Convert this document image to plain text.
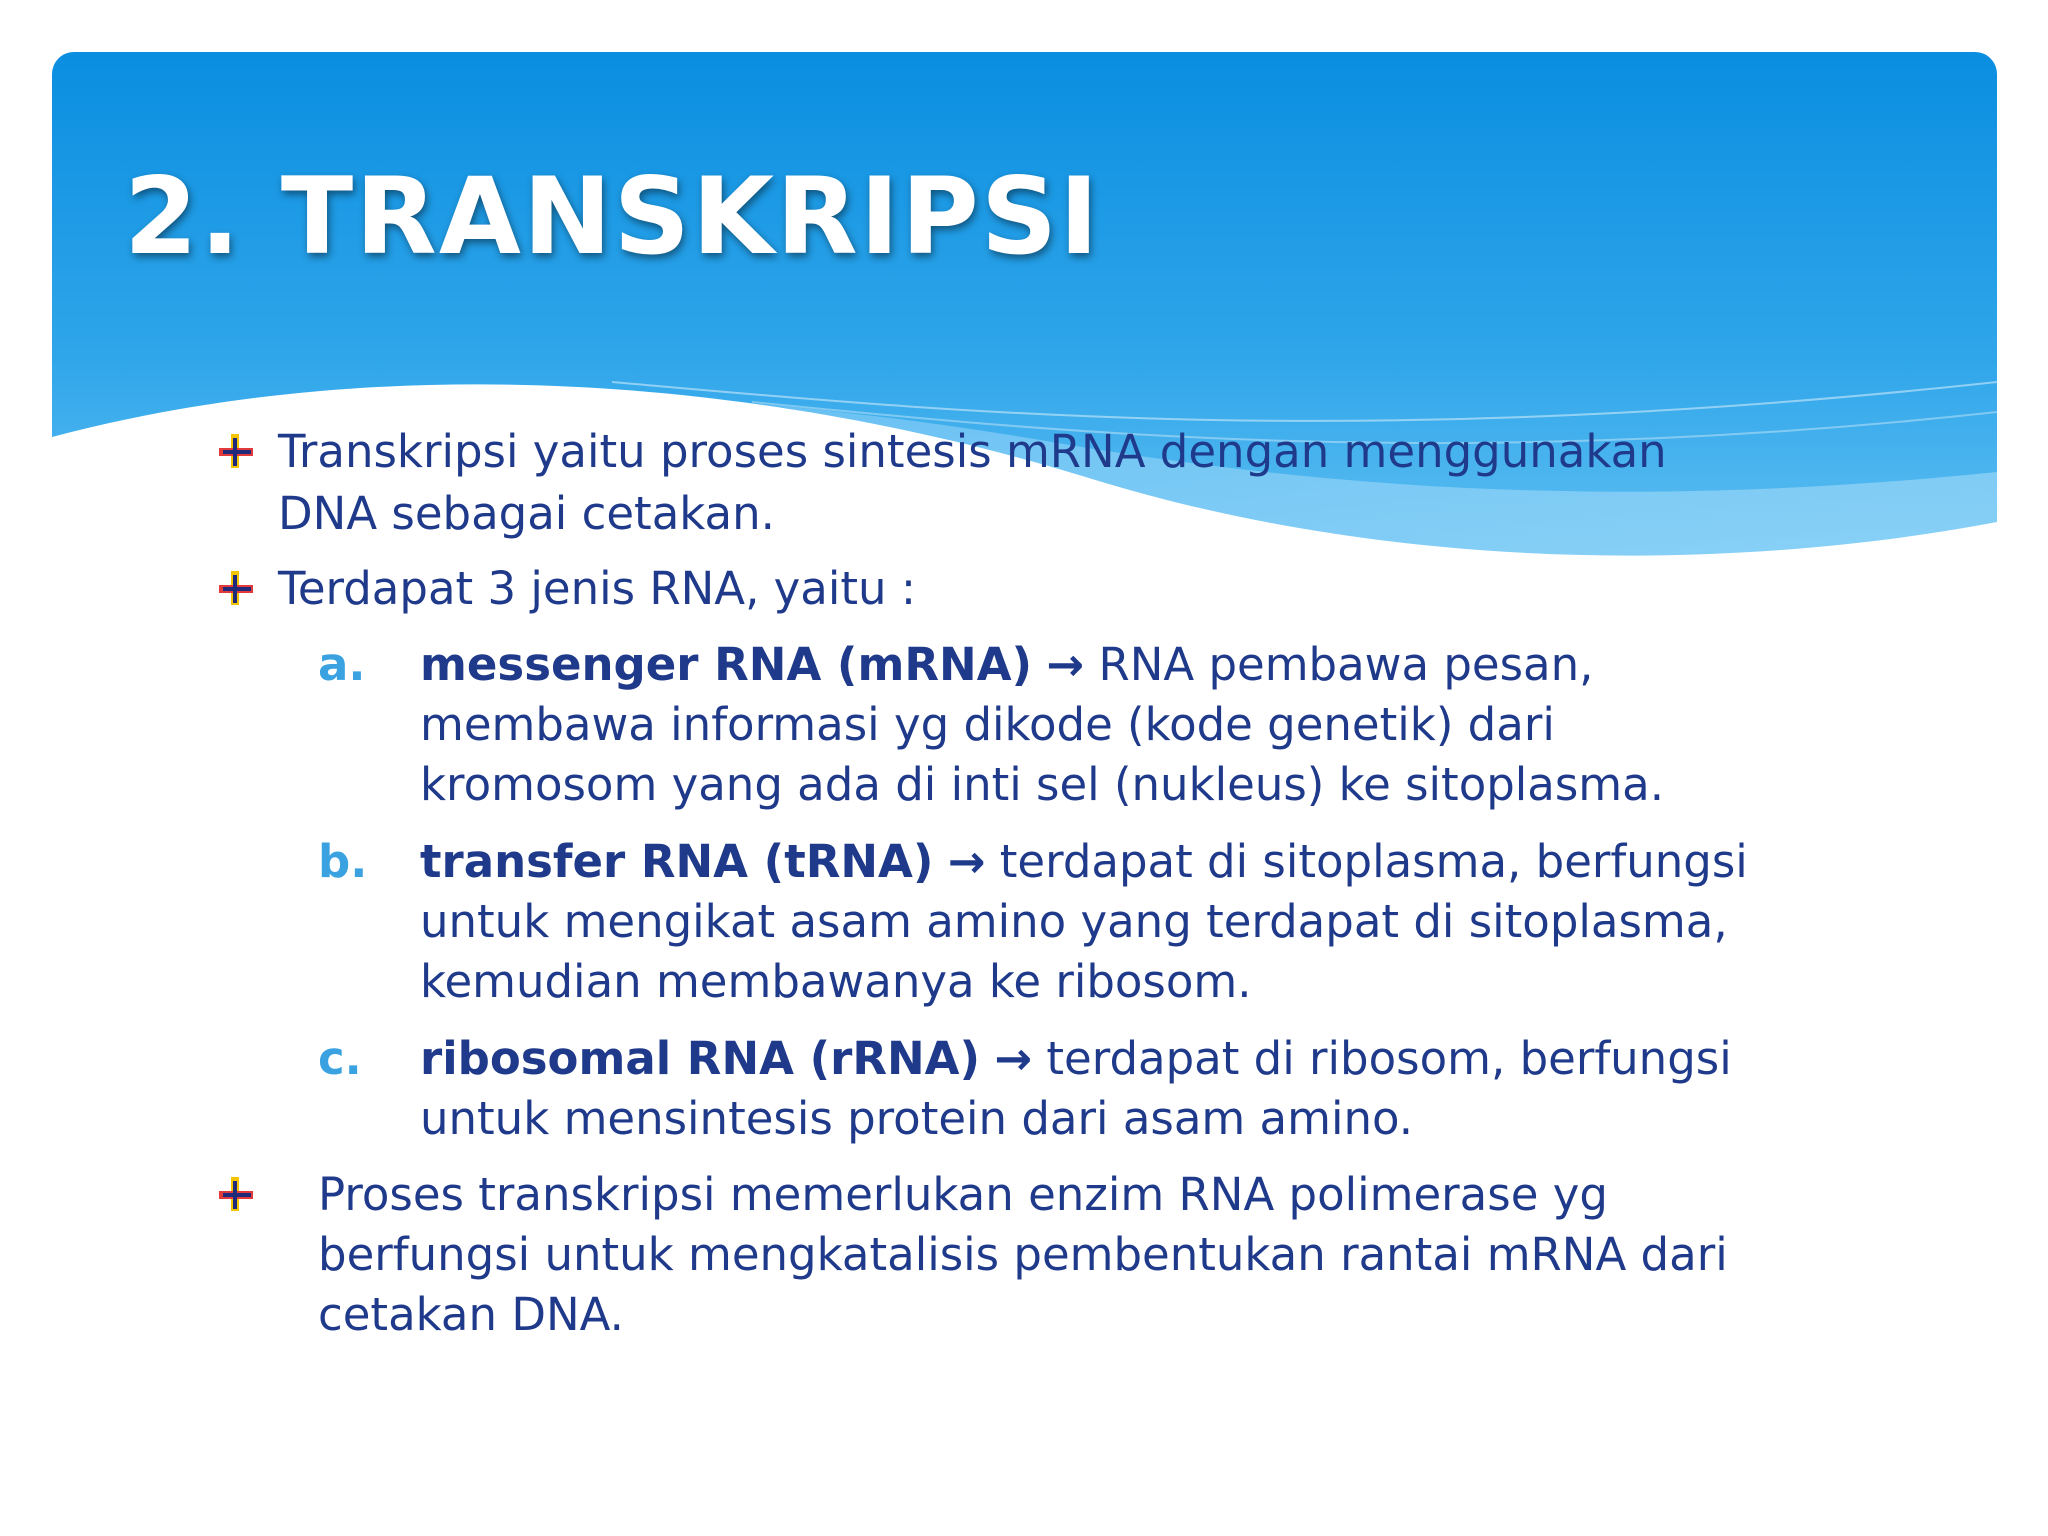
2. TRANSKRIPSI
Transkripsi yaitu proses sintesis mRNA dengan menggunakan
DNA sebagai cetakan.
Terdapat 3 jenis RNA, yaitu :
a. messenger RNA (mRNA) → RNA pembawa pesan,
membawa informasi yg dikode (kode genetik) dari
kromosom yang ada di inti sel (nukleus) ke sitoplasma.
b. transfer RNA (tRNA) → terdapat di sitoplasma, berfungsi
untuk mengikat asam amino yang terdapat di sitoplasma,
kemudian membawanya ke ribosom.
c. ribosomal RNA (rRNA) → terdapat di ribosom, berfungsi
untuk mensintesis protein dari asam amino.
Proses transkripsi memerlukan enzim RNA polimerase yg
berfungsi untuk mengkatalisis pembentukan rantai mRNA dari
cetakan DNA.
